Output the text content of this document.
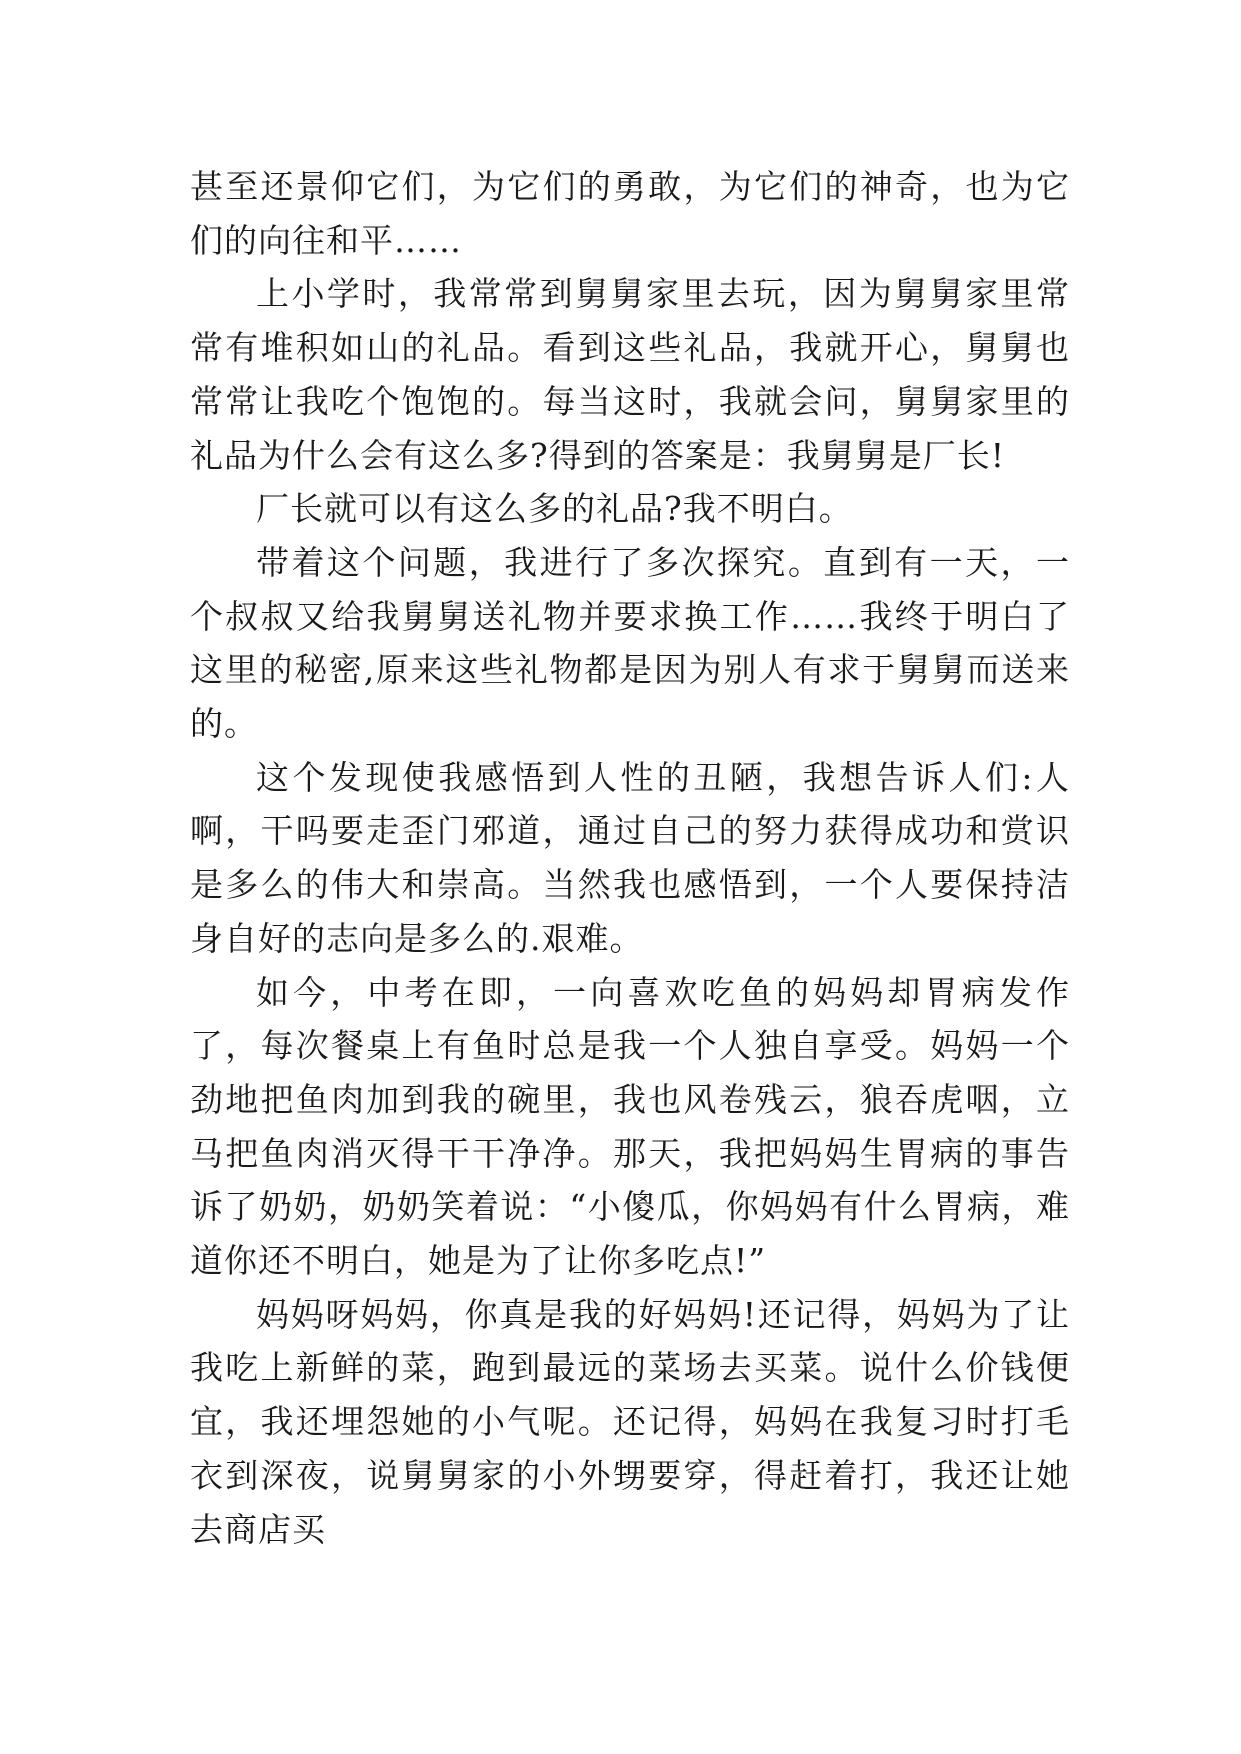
甚至还景仰它们，为它们的勇敢，为它们的神奇，也为它们的向往和平……

上小学时，我常常到舅舅家里去玩，因为舅舅家里常常有堆积如山的礼品。看到这些礼品，我就开心，舅舅也常常让我吃个饱饱的。每当这时，我就会问，舅舅家里的礼品为什么会有这么多?得到的答案是：我舅舅是厂长!

厂长就可以有这么多的礼品?我不明白。

带着这个问题，我进行了多次探究。直到有一天，一个叔叔又给我舅舅送礼物并要求换工作……我终于明白了这里的秘密,原来这些礼物都是因为别人有求于舅舅而送来的。

这个发现使我感悟到人性的丑陋，我想告诉人们:人啊，干吗要走歪门邪道，通过自己的努力获得成功和赏识是多么的伟大和崇高。当然我也感悟到，一个人要保持洁身自好的志向是多么的.艰难。

如今，中考在即，一向喜欢吃鱼的妈妈却胃病发作了，每次餐桌上有鱼时总是我一个人独自享受。妈妈一个劲地把鱼肉加到我的碗里，我也风卷残云，狼吞虎咽，立马把鱼肉消灭得干干净净。那天，我把妈妈生胃病的事告诉了奶奶，奶奶笑着说：“小傻瓜，你妈妈有什么胃病，难道你还不明白，她是为了让你多吃点!”

妈妈呀妈妈，你真是我的好妈妈!还记得，妈妈为了让我吃上新鲜的菜，跑到最远的菜场去买菜。说什么价钱便宜，我还埋怨她的小气呢。还记得，妈妈在我复习时打毛衣到深夜，说舅舅家的小外甥要穿，得赶着打，我还让她去商店买
